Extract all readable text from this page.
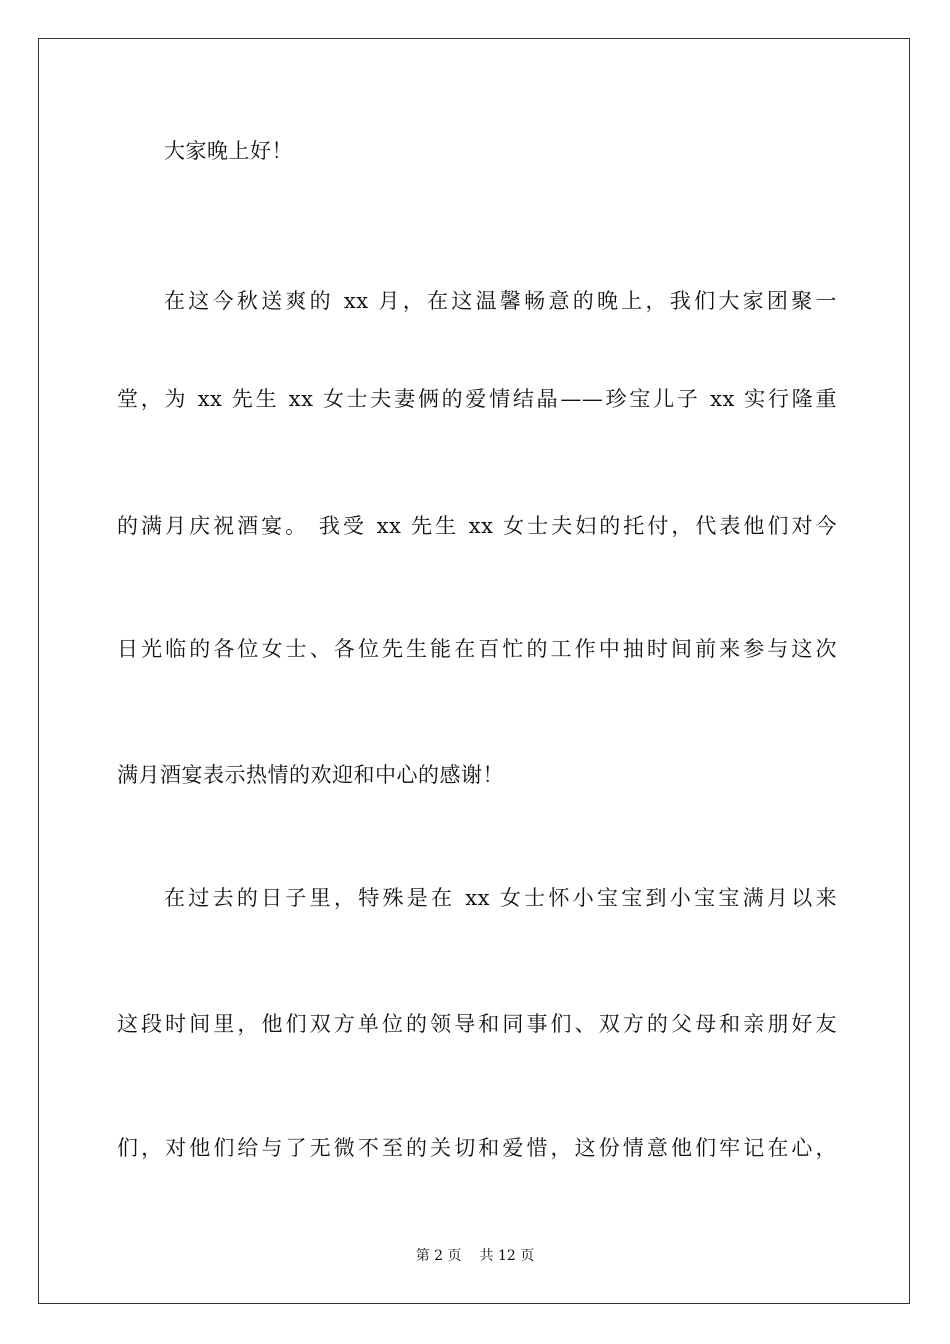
大家晚上好！
在这今秋送爽的 xx 月，在这温馨畅意的晚上，我们大家团聚一
堂，为 xx 先生 xx 女士夫妻俩的爱情结晶——珍宝儿子 xx 实行隆重
的满月庆祝酒宴。 我受 xx 先生 xx 女士夫妇的托付，代表他们对今
日光临的各位女士、各位先生能在百忙的工作中抽时间前来参与这次
满月酒宴表示热情的欢迎和中心的感谢！
在过去的日子里，特殊是在 xx 女士怀小宝宝到小宝宝满月以来
这段时间里，他们双方单位的领导和同事们、双方的父母和亲朋好友
们，对他们给与了无微不至的关切和爱惜，这份情意他们牢记在心，
第 2 页 共 12 页
